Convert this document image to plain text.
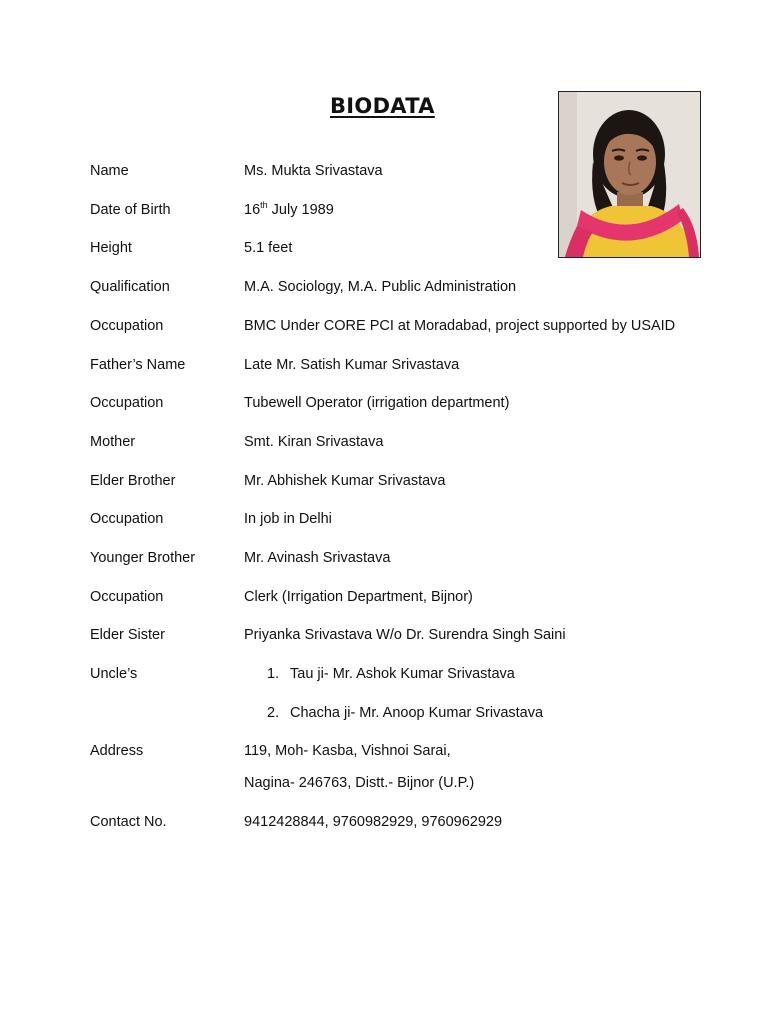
BIODATA
Name	Ms. Mukta Srivastava
Date of Birth	16th July 1989
Height	5.1 feet
Qualification	M.A. Sociology, M.A. Public Administration
Occupation	BMC Under CORE PCI at Moradabad, project supported by USAID
Father’s Name	Late Mr. Satish Kumar Srivastava
Occupation	Tubewell Operator (irrigation department)
Mother	Smt. Kiran Srivastava
Elder Brother	Mr. Abhishek Kumar Srivastava
Occupation	In job in Delhi
Younger Brother	Mr. Avinash Srivastava
Occupation	Clerk (Irrigation Department, Bijnor)
Elder Sister	Priyanka Srivastava W/o Dr. Surendra Singh Saini
Uncle’s	1. Tau ji- Mr. Ashok Kumar Srivastava
2. Chacha ji- Mr. Anoop Kumar Srivastava
Address	119, Moh- Kasba, Vishnoi Sarai,
Nagina- 246763, Distt.- Bijnor (U.P.)
Contact No.	9412428844, 9760982929, 9760962929
